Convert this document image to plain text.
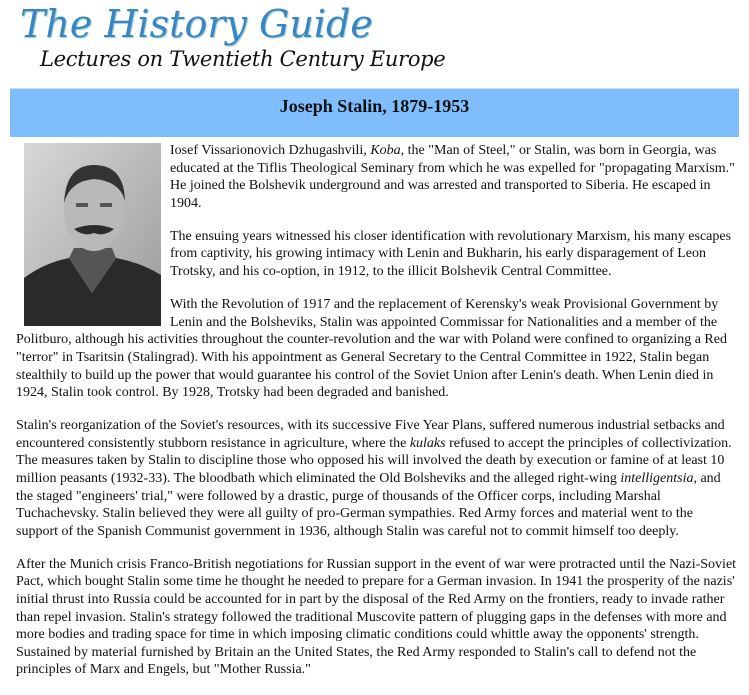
The History Guide
Lectures on Twentieth Century Europe
Joseph Stalin, 1879-1953

Iosef Vissarionovich Dzhugashvili, Koba, the "Man of Steel," or Stalin, was born in Georgia, was educated at the Tiflis Theological Seminary from which he was expelled for "propagating Marxism." He joined the Bolshevik underground and was arrested and transported to Siberia. He escaped in 1904.

The ensuing years witnessed his closer identification with revolutionary Marxism, his many escapes from captivity, his growing intimacy with Lenin and Bukharin, his early disparagement of Leon Trotsky, and his co-option, in 1912, to the illicit Bolshevik Central Committee.

With the Revolution of 1917 and the replacement of Kerensky's weak Provisional Government by Lenin and the Bolsheviks, Stalin was appointed Commissar for Nationalities and a member of the Politburo, although his activities throughout the counter-revolution and the war with Poland were confined to organizing a Red "terror" in Tsaritsin (Stalingrad). With his appointment as General Secretary to the Central Committee in 1922, Stalin began stealthily to build up the power that would guarantee his control of the Soviet Union after Lenin's death. When Lenin died in 1924, Stalin took control. By 1928, Trotsky had been degraded and banished.

Stalin's reorganization of the Soviet's resources, with its successive Five Year Plans, suffered numerous industrial setbacks and encountered consistently stubborn resistance in agriculture, where the kulaks refused to accept the principles of collectivization. The measures taken by Stalin to discipline those who opposed his will involved the death by execution or famine of at least 10 million peasants (1932-33). The bloodbath which eliminated the Old Bolsheviks and the alleged right-wing intelligentsia, and the staged "engineers' trial," were followed by a drastic, purge of thousands of the Officer corps, including Marshal Tuchachevsky. Stalin believed they were all guilty of pro-German sympathies. Red Army forces and material went to the support of the Spanish Communist government in 1936, although Stalin was careful not to commit himself too deeply.

After the Munich crisis Franco-British negotiations for Russian support in the event of war were protracted until the Nazi-Soviet Pact, which bought Stalin some time he thought he needed to prepare for a German invasion. In 1941 the prosperity of the nazis' initial thrust into Russia could be accounted for in part by the disposal of the Red Army on the frontiers, ready to invade rather than repel invasion. Stalin's strategy followed the traditional Muscovite pattern of plugging gaps in the defenses with more and more bodies and trading space for time in which imposing climatic conditions could whittle away the opponents' strength. Sustained by material furnished by Britain an the United States, the Red Army responded to Stalin's call to defend not the principles of Marx and Engels, but "Mother Russia."
